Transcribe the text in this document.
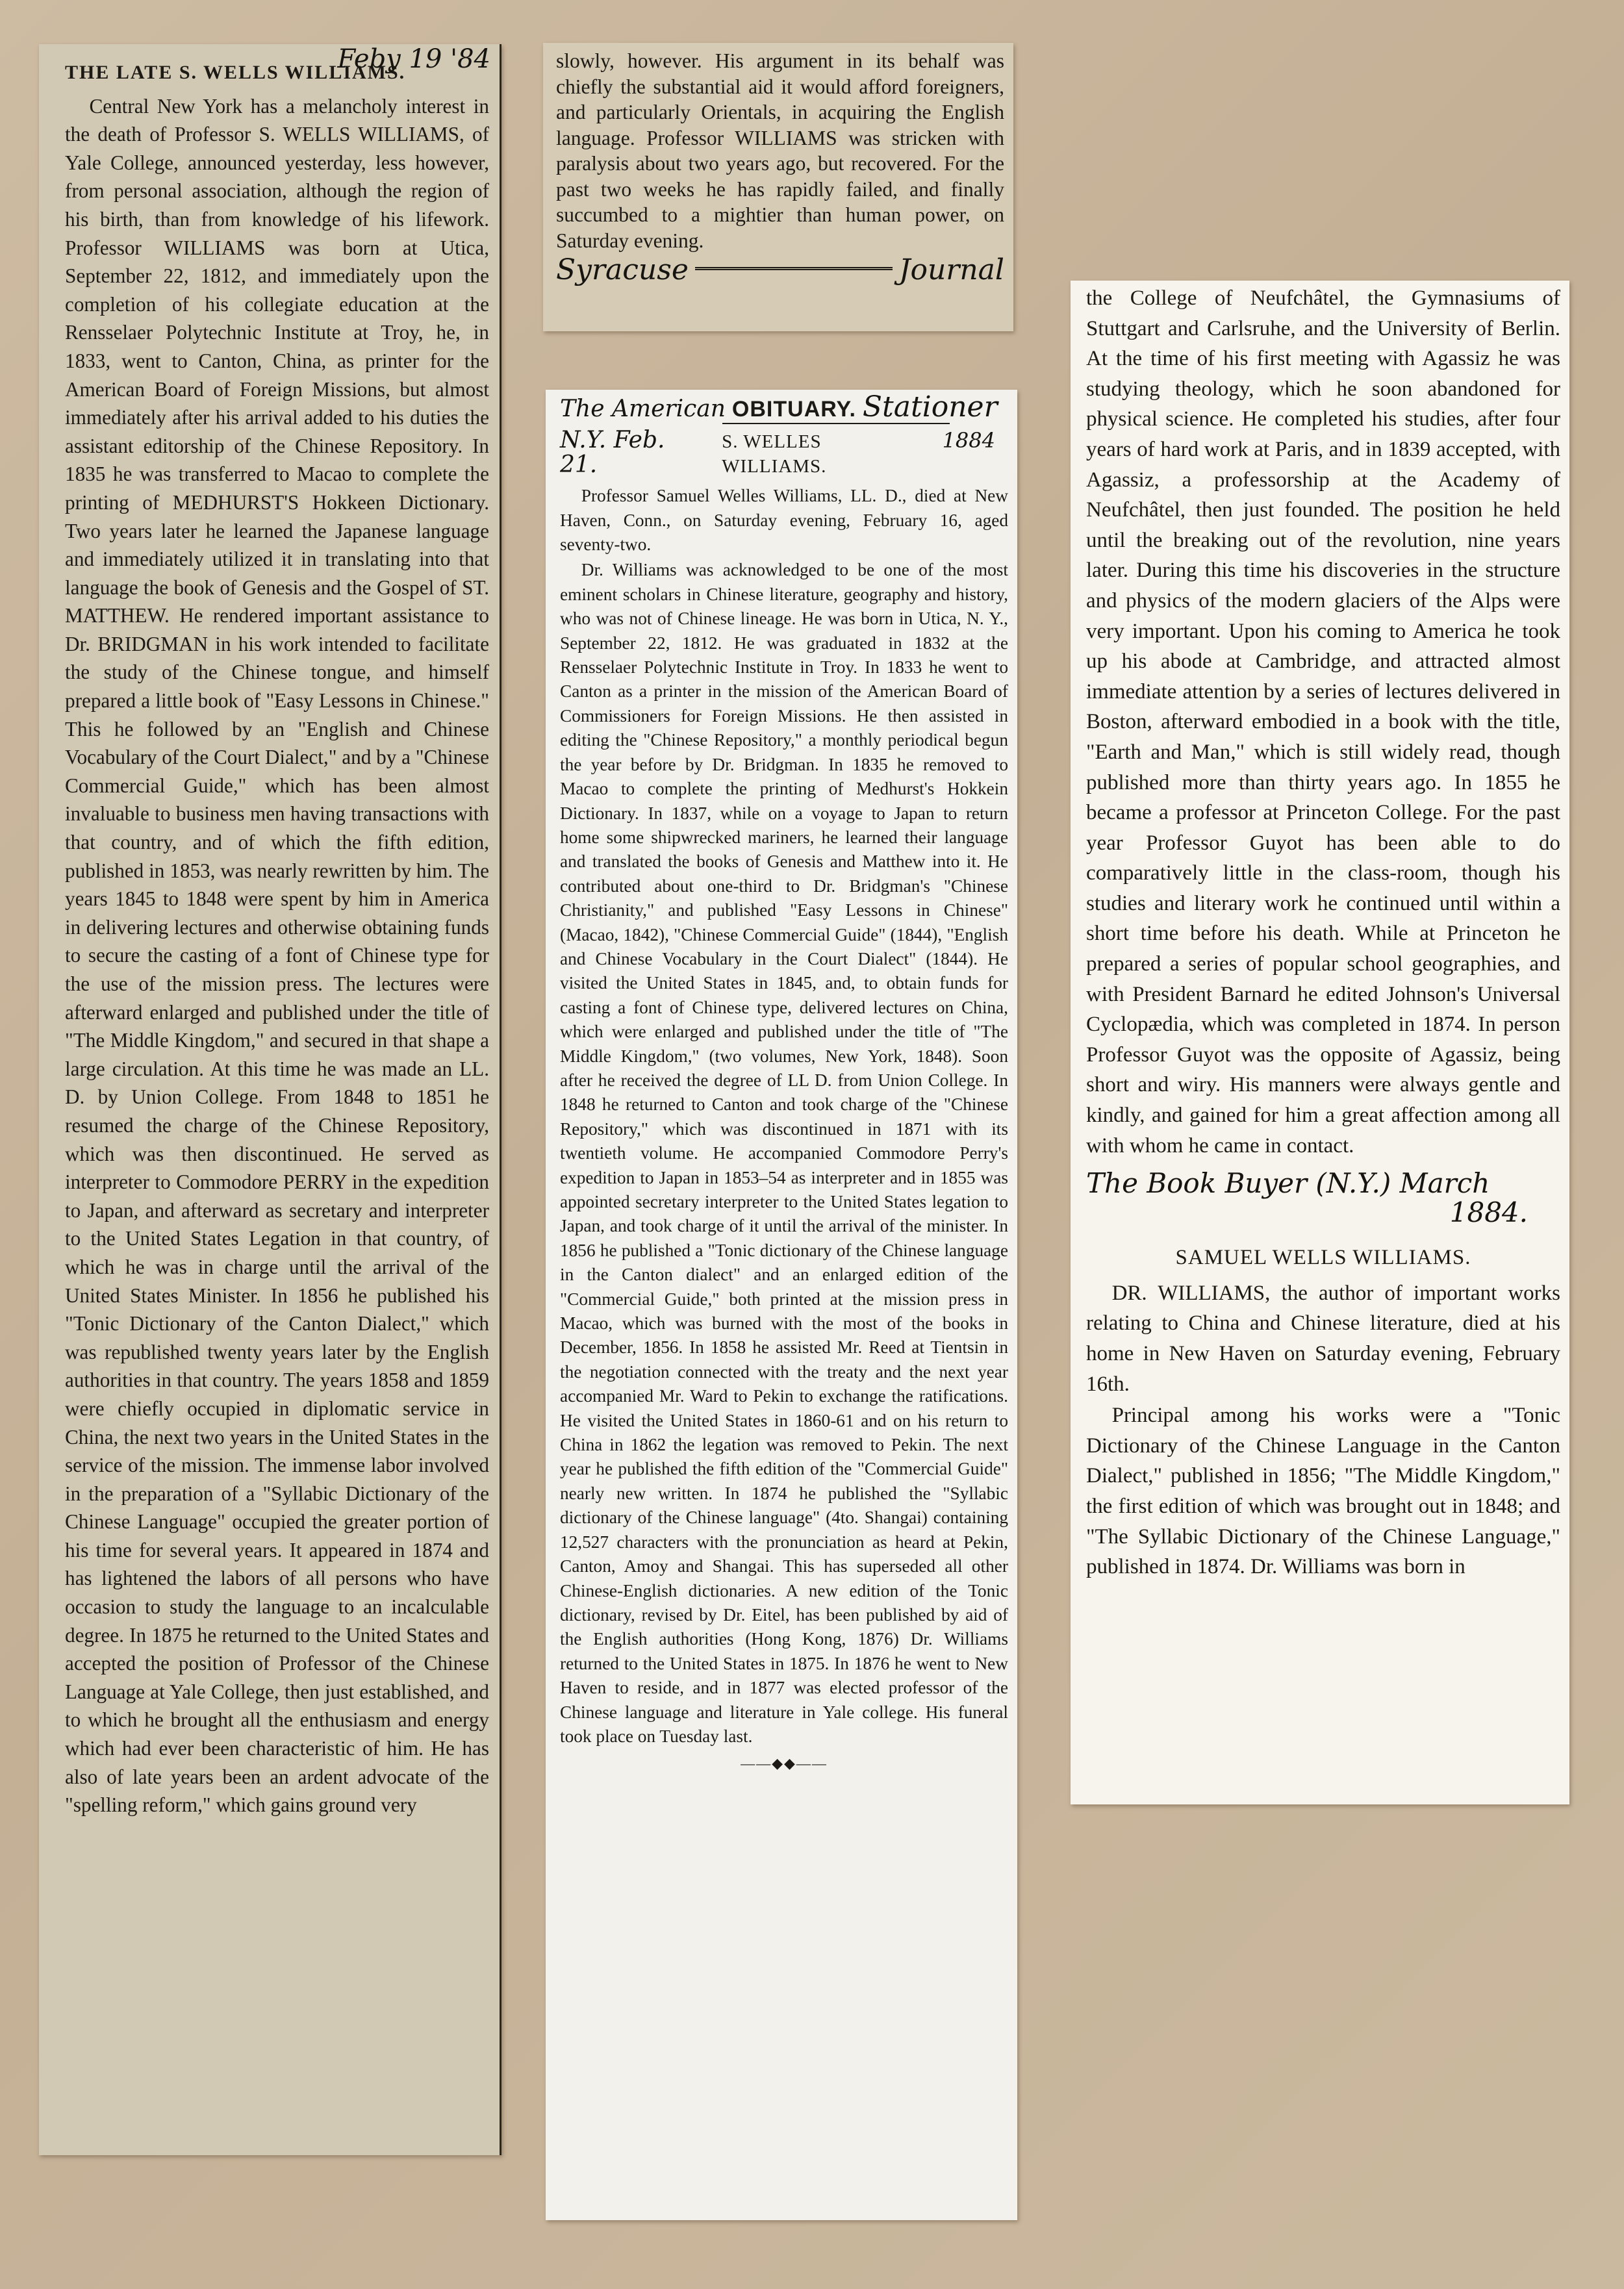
Feby 19 '84
THE LATE S. WELLS WILLIAMS.

Central New York has a melancholy interest in the death of Professor S. WELLS WILLIAMS, of Yale College, announced yesterday, less however, from personal association, although the region of his birth, than from knowledge of his lifework. Professor WILLIAMS was born at Utica, September 22, 1812, and immediately upon the completion of his collegiate education at the Rensselaer Polytechnic Institute at Troy, he, in 1833, went to Canton, China, as printer for the American Board of Foreign Missions, but almost immediately after his arrival added to his duties the assistant editorship of the Chinese Repository. In 1835 he was transferred to Macao to complete the printing of MEDHURST'S Hokkeen Dictionary. Two years later he learned the Japanese language and immediately utilized it in translating into that language the book of Genesis and the Gospel of ST. MATTHEW. He rendered important assistance to Dr. BRIDGMAN in his work intended to facilitate the study of the Chinese tongue, and himself prepared a little book of "Easy Lessons in Chinese." This he followed by an "English and Chinese Vocabulary of the Court Dialect," and by a "Chinese Commercial Guide," which has been almost invaluable to business men having transactions with that country, and of which the fifth edition, published in 1853, was nearly rewritten by him. The years 1845 to 1848 were spent by him in America in delivering lectures and otherwise obtaining funds to secure the casting of a font of Chinese type for the use of the mission press. The lectures were afterward enlarged and published under the title of "The Middle Kingdom," and secured in that shape a large circulation. At this time he was made an LL. D. by Union College. From 1848 to 1851 he resumed the charge of the Chinese Repository, which was then discontinued. He served as interpreter to Commodore PERRY in the expedition to Japan, and afterward as secretary and interpreter to the United States Legation in that country, of which he was in charge until the arrival of the United States Minister. In 1856 he published his "Tonic Dictionary of the Canton Dialect," which was republished twenty years later by the English authorities in that country. The years 1858 and 1859 were chiefly occupied in diplomatic service in China, the next two years in the United States in the service of the mission. The immense labor involved in the preparation of a "Syllabic Dictionary of the Chinese Language" occupied the greater portion of his time for several years. It appeared in 1874 and has lightened the labors of all persons who have occasion to study the language to an incalculable degree. In 1875 he returned to the United States and accepted the position of Professor of the Chinese Language at Yale College, then just established, and to which he brought all the enthusiasm and energy which had ever been characteristic of him. He has also of late years been an ardent advocate of the "spelling reform," which gains ground very

slowly, however. His argument in its behalf was chiefly the substantial aid it would afford foreigners, and particularly Orientals, in acquiring the English language. Professor WILLIAMS was stricken with paralysis about two years ago, but recovered. For the past two weeks he has rapidly failed, and finally succumbed to a mightier than human power, on Saturday evening.

Syracuse	Journal
The American OBITUARY. Stationer
N.Y. Feb. 21.
S. WELLES WILLIAMS.
1884

Professor Samuel Welles Williams, LL. D., died at New Haven, Conn., on Saturday evening, February 16, aged seventy-two.

Dr. Williams was acknowledged to be one of the most eminent scholars in Chinese literature, geography and history, who was not of Chinese lineage. He was born in Utica, N. Y., September 22, 1812. He was graduated in 1832 at the Rensselaer Polytechnic Institute in Troy. In 1833 he went to Canton as a printer in the mission of the American Board of Commissioners for Foreign Missions. He then assisted in editing the "Chinese Repository," a monthly periodical begun the year before by Dr. Bridgman. In 1835 he removed to Macao to complete the printing of Medhurst's Hokkein Dictionary. In 1837, while on a voyage to Japan to return home some shipwrecked mariners, he learned their language and translated the books of Genesis and Matthew into it. He contributed about one-third to Dr. Bridgman's "Chinese Christianity," and published "Easy Lessons in Chinese" (Macao, 1842), "Chinese Commercial Guide" (1844), "English and Chinese Vocabulary in the Court Dialect" (1844). He visited the United States in 1845, and, to obtain funds for casting a font of Chinese type, delivered lectures on China, which were enlarged and published under the title of "The Middle Kingdom," (two volumes, New York, 1848). Soon after he received the degree of LL D. from Union College. In 1848 he returned to Canton and took charge of the "Chinese Repository," which was discontinued in 1871 with its twentieth volume. He accompanied Commodore Perry's expedition to Japan in 1853–54 as interpreter and in 1855 was appointed secretary interpreter to the United States legation to Japan, and took charge of it until the arrival of the minister. In 1856 he published a "Tonic dictionary of the Chinese language in the Canton dialect" and an enlarged edition of the "Commercial Guide," both printed at the mission press in Macao, which was burned with the most of the books in December, 1856. In 1858 he assisted Mr. Reed at Tientsin in the negotiation connected with the treaty and the next year accompanied Mr. Ward to Pekin to exchange the ratifications. He visited the United States in 1860-61 and on his return to China in 1862 the legation was removed to Pekin. The next year he published the fifth edition of the "Commercial Guide" nearly new written. In 1874 he published the "Syllabic dictionary of the Chinese language" (4to. Shangai) containing 12,527 characters with the pronunciation as heard at Pekin, Canton, Amoy and Shangai. This has superseded all other Chinese-English dictionaries. A new edition of the Tonic dictionary, revised by Dr. Eitel, has been published by aid of the English authorities (Hong Kong, 1876) Dr. Williams returned to the United States in 1875. In 1876 he went to New Haven to reside, and in 1877 was elected professor of the Chinese language and literature in Yale college. His funeral took place on Tuesday last.

——◆◆——

the College of Neufchâtel, the Gymnasiums of Stuttgart and Carlsruhe, and the University of Berlin. At the time of his first meeting with Agassiz he was studying theology, which he soon abandoned for physical science. He completed his studies, after four years of hard work at Paris, and in 1839 accepted, with Agassiz, a professorship at the Academy of Neufchâtel, then just founded. The position he held until the breaking out of the revolution, nine years later. During this time his discoveries in the structure and physics of the modern glaciers of the Alps were very important. Upon his coming to America he took up his abode at Cambridge, and attracted almost immediate attention by a series of lectures delivered in Boston, afterward embodied in a book with the title, "Earth and Man," which is still widely read, though published more than thirty years ago. In 1855 he became a professor at Princeton College. For the past year Professor Guyot has been able to do comparatively little in the class-room, though his studies and literary work he continued until within a short time before his death. While at Princeton he prepared a series of popular school geographies, and with President Barnard he edited Johnson's Universal Cyclopædia, which was completed in 1874. In person Professor Guyot was the opposite of Agassiz, being short and wiry. His manners were always gentle and kindly, and gained for him a great affection among all with whom he came in contact.

The Book Buyer (N.Y.) March
1884.
SAMUEL WELLS WILLIAMS.

DR. WILLIAMS, the author of important works relating to China and Chinese literature, died at his home in New Haven on Saturday evening, February 16th.

Principal among his works were a "Tonic Dictionary of the Chinese Language in the Canton Dialect," published in 1856; "The Middle Kingdom," the first edition of which was brought out in 1848; and "The Syllabic Dictionary of the Chinese Language," published in 1874. Dr. Williams was born in
